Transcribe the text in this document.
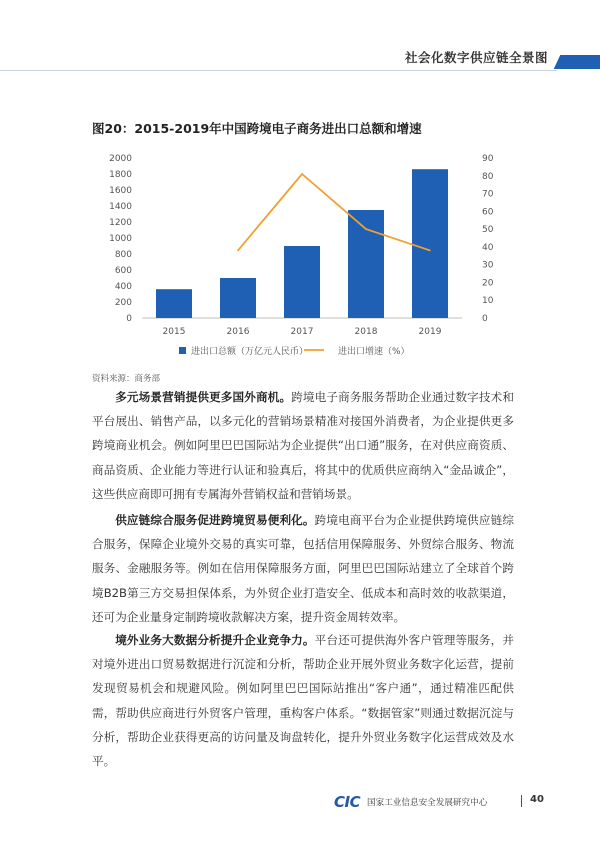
社会化数字供应链全景图
图20：2015-2019年中国跨境电子商务进出口总额和增速
0
200
400
600
800
1000
1200
1400
1600
1800
2000
0
10
20
30
40
50
60
70
80
90
2015	2016	2017	2018	2019
进出口总额（万亿元人民币）	进出口增速（%）
资料来源：商务部

多元场景营销提供更多国外商机。跨境电子商务服务帮助企业通过数字技术和平台展出、销售产品，以多元化的营销场景精准对接国外消费者，为企业提供更多跨境商业机会。例如阿里巴巴国际站为企业提供“出口通”服务，在对供应商资质、商品资质、企业能力等进行认证和验真后，将其中的优质供应商纳入“金品诚企”，这些供应商即可拥有专属海外营销权益和营销场景。

供应链综合服务促进跨境贸易便利化。跨境电商平台为企业提供跨境供应链综合服务，保障企业境外交易的真实可靠，包括信用保障服务、外贸综合服务、物流服务、金融服务等。例如在信用保障服务方面，阿里巴巴国际站建立了全球首个跨境B2B第三方交易担保体系，为外贸企业打造安全、低成本和高时效的收款渠道，还可为企业量身定制跨境收款解决方案，提升资金周转效率。

境外业务大数据分析提升企业竞争力。平台还可提供海外客户管理等服务，并对境外进出口贸易数据进行沉淀和分析，帮助企业开展外贸业务数字化运营，提前发现贸易机会和规避风险。例如阿里巴巴国际站推出“客户通”，通过精准匹配供需，帮助供应商进行外贸客户管理，重构客户体系。“数据管家”则通过数据沉淀与分析，帮助企业获得更高的访问量及询盘转化，提升外贸业务数字化运营成效及水平。

CIC 国家工业信息安全发展研究中心	40
